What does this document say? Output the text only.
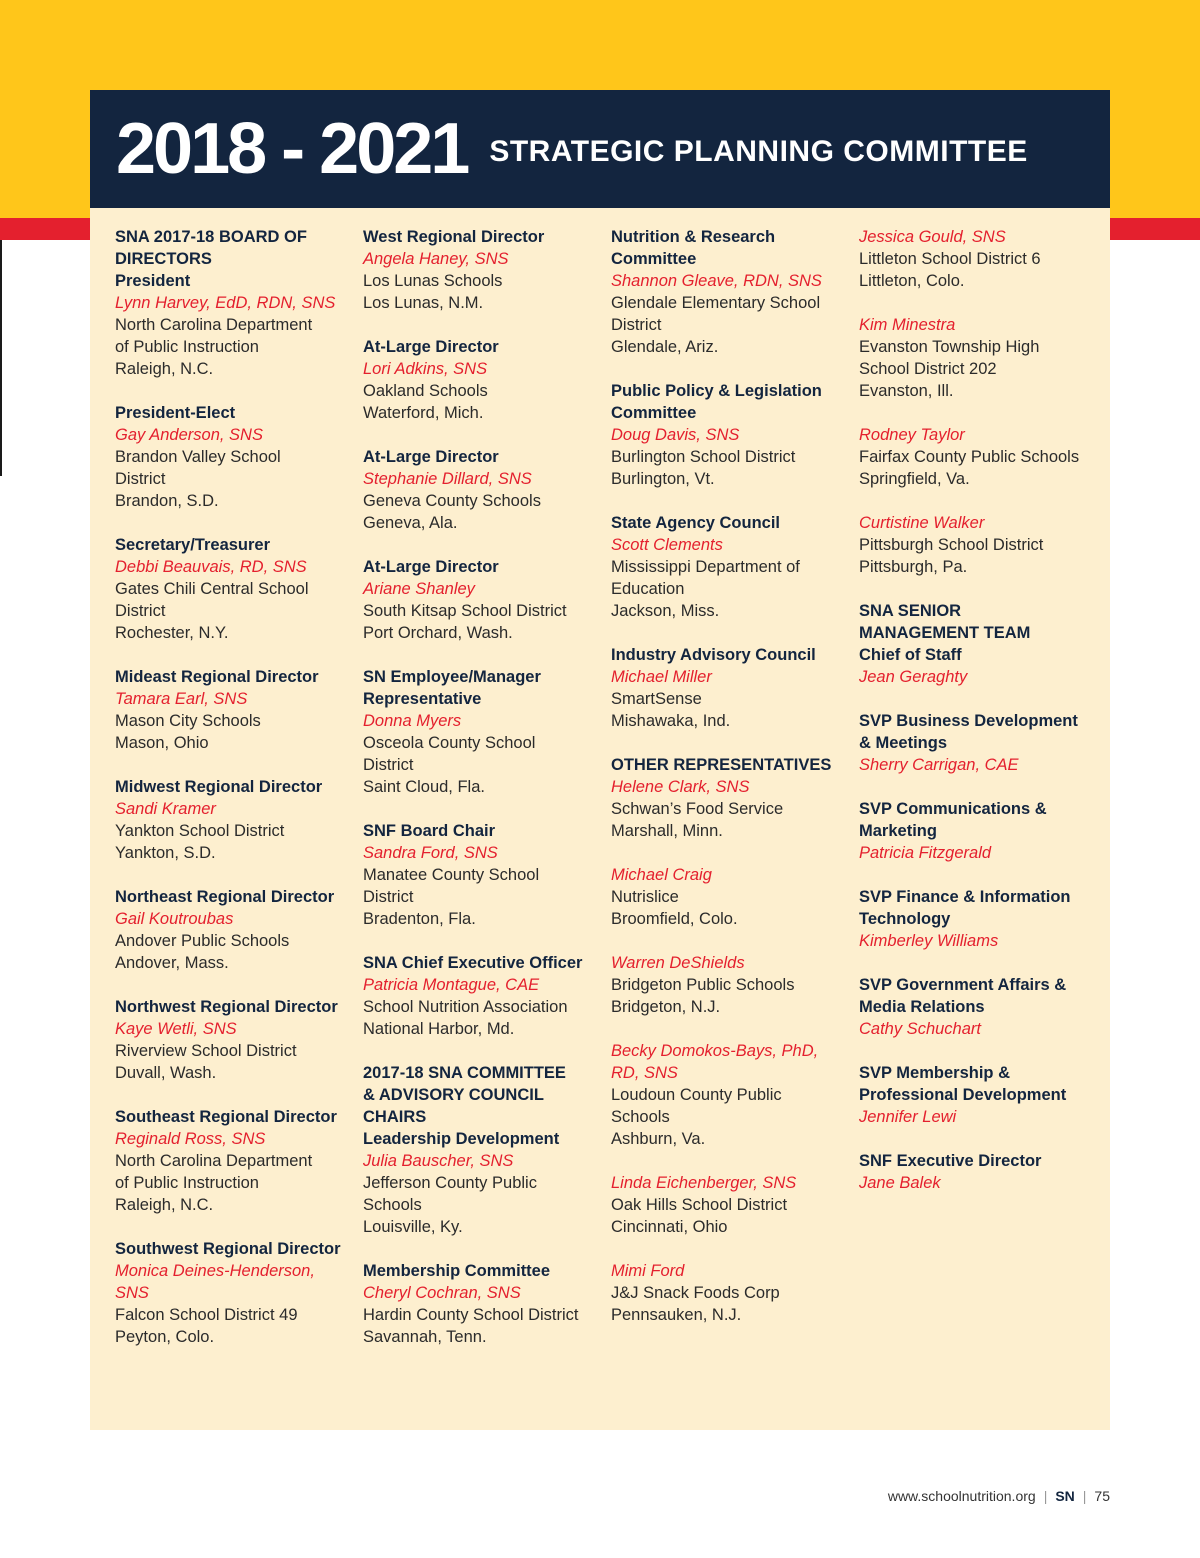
2018 - 2021 STRATEGIC PLANNING COMMITTEE
SNA 2017-18 BOARD OF
DIRECTORS
President
Lynn Harvey, EdD, RDN, SNS
North Carolina Department
of Public Instruction
Raleigh, N.C.
President-Elect
Gay Anderson, SNS
Brandon Valley School
District
Brandon, S.D.
Secretary/Treasurer
Debbi Beauvais, RD, SNS
Gates Chili Central School
District
Rochester, N.Y.
Mideast Regional Director
Tamara Earl, SNS
Mason City Schools
Mason, Ohio
Midwest Regional Director
Sandi Kramer
Yankton School District
Yankton, S.D.
Northeast Regional Director
Gail Koutroubas
Andover Public Schools
Andover, Mass.
Northwest Regional Director
Kaye Wetli, SNS
Riverview School District
Duvall, Wash.
Southeast Regional Director
Reginald Ross, SNS
North Carolina Department
of Public Instruction
Raleigh, N.C.
Southwest Regional Director
Monica Deines-Henderson,
SNS
Falcon School District 49
Peyton, Colo.
West Regional Director
Angela Haney, SNS
Los Lunas Schools
Los Lunas, N.M.
At-Large Director
Lori Adkins, SNS
Oakland Schools
Waterford, Mich.
At-Large Director
Stephanie Dillard, SNS
Geneva County Schools
Geneva, Ala.
At-Large Director
Ariane Shanley
South Kitsap School District
Port Orchard, Wash.
SN Employee/Manager
Representative
Donna Myers
Osceola County School
District
Saint Cloud, Fla.
SNF Board Chair
Sandra Ford, SNS
Manatee County School
District
Bradenton, Fla.
SNA Chief Executive Officer
Patricia Montague, CAE
School Nutrition Association
National Harbor, Md.
2017-18 SNA COMMITTEE
& ADVISORY COUNCIL
CHAIRS
Leadership Development
Julia Bauscher, SNS
Jefferson County Public
Schools
Louisville, Ky.
Membership Committee
Cheryl Cochran, SNS
Hardin County School District
Savannah, Tenn.
Nutrition & Research
Committee
Shannon Gleave, RDN, SNS
Glendale Elementary School
District
Glendale, Ariz.
Public Policy & Legislation
Committee
Doug Davis, SNS
Burlington School District
Burlington, Vt.
State Agency Council
Scott Clements
Mississippi Department of
Education
Jackson, Miss.
Industry Advisory Council
Michael Miller
SmartSense
Mishawaka, Ind.
OTHER REPRESENTATIVES
Helene Clark, SNS
Schwan’s Food Service
Marshall, Minn.
Michael Craig
Nutrislice
Broomfield, Colo.
Warren DeShields
Bridgeton Public Schools
Bridgeton, N.J.
Becky Domokos-Bays, PhD,
RD, SNS
Loudoun County Public
Schools
Ashburn, Va.
Linda Eichenberger, SNS
Oak Hills School District
Cincinnati, Ohio
Mimi Ford
J&J Snack Foods Corp
Pennsauken, N.J.
Jessica Gould, SNS
Littleton School District 6
Littleton, Colo.
Kim Minestra
Evanston Township High
School District 202
Evanston, Ill.
Rodney Taylor
Fairfax County Public Schools
Springfield, Va.
Curtistine Walker
Pittsburgh School District
Pittsburgh, Pa.
SNA SENIOR
MANAGEMENT TEAM
Chief of Staff
Jean Geraghty
SVP Business Development
& Meetings
Sherry Carrigan, CAE
SVP Communications &
Marketing
Patricia Fitzgerald
SVP Finance & Information
Technology
Kimberley Williams
SVP Government Affairs &
Media Relations
Cathy Schuchart
SVP Membership &
Professional Development
Jennifer Lewi
SNF Executive Director
Jane Balek
www.schoolnutrition.org | SN | 75
